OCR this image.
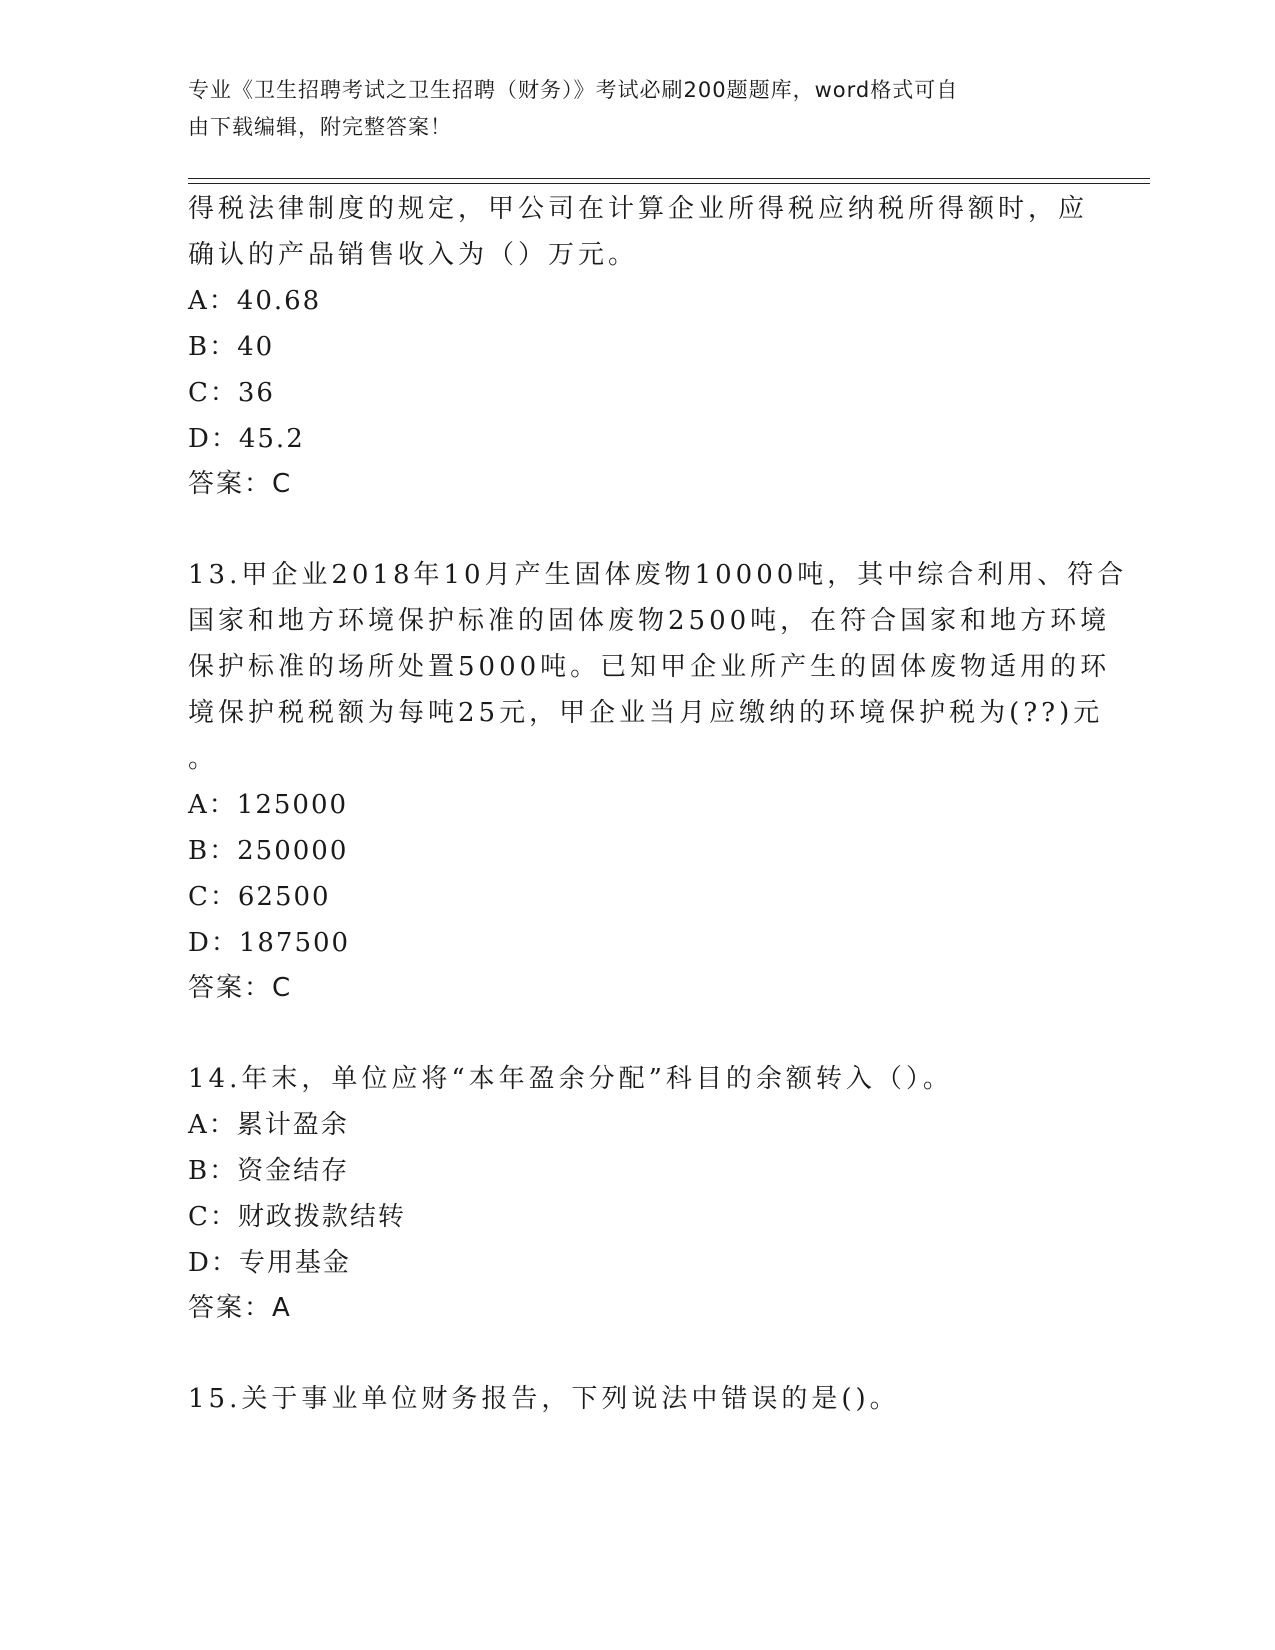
专业《卫生招聘考试之卫生招聘（财务）》考试必刷200题题库，word格式可自
由下载编辑，附完整答案！
得税法律制度的规定，甲公司在计算企业所得税应纳税所得额时，应
确认的产品销售收入为（）万元。
A：40.68
B：40
C：36
D：45.2
答案：C
13.甲企业2018年10月产生固体废物10000吨，其中综合利用、符合
国家和地方环境保护标准的固体废物2500吨，在符合国家和地方环境
保护标准的场所处置5000吨。已知甲企业所产生的固体废物适用的环
境保护税税额为每吨25元，甲企业当月应缴纳的环境保护税为(??)元
。
A：125000
B：250000
C：62500
D：187500
答案：C
14.年末，单位应将“本年盈余分配”科目的余额转入（）。
A：累计盈余
B：资金结存
C：财政拨款结转
D：专用基金
答案：A
15.关于事业单位财务报告，下列说法中错误的是()。
